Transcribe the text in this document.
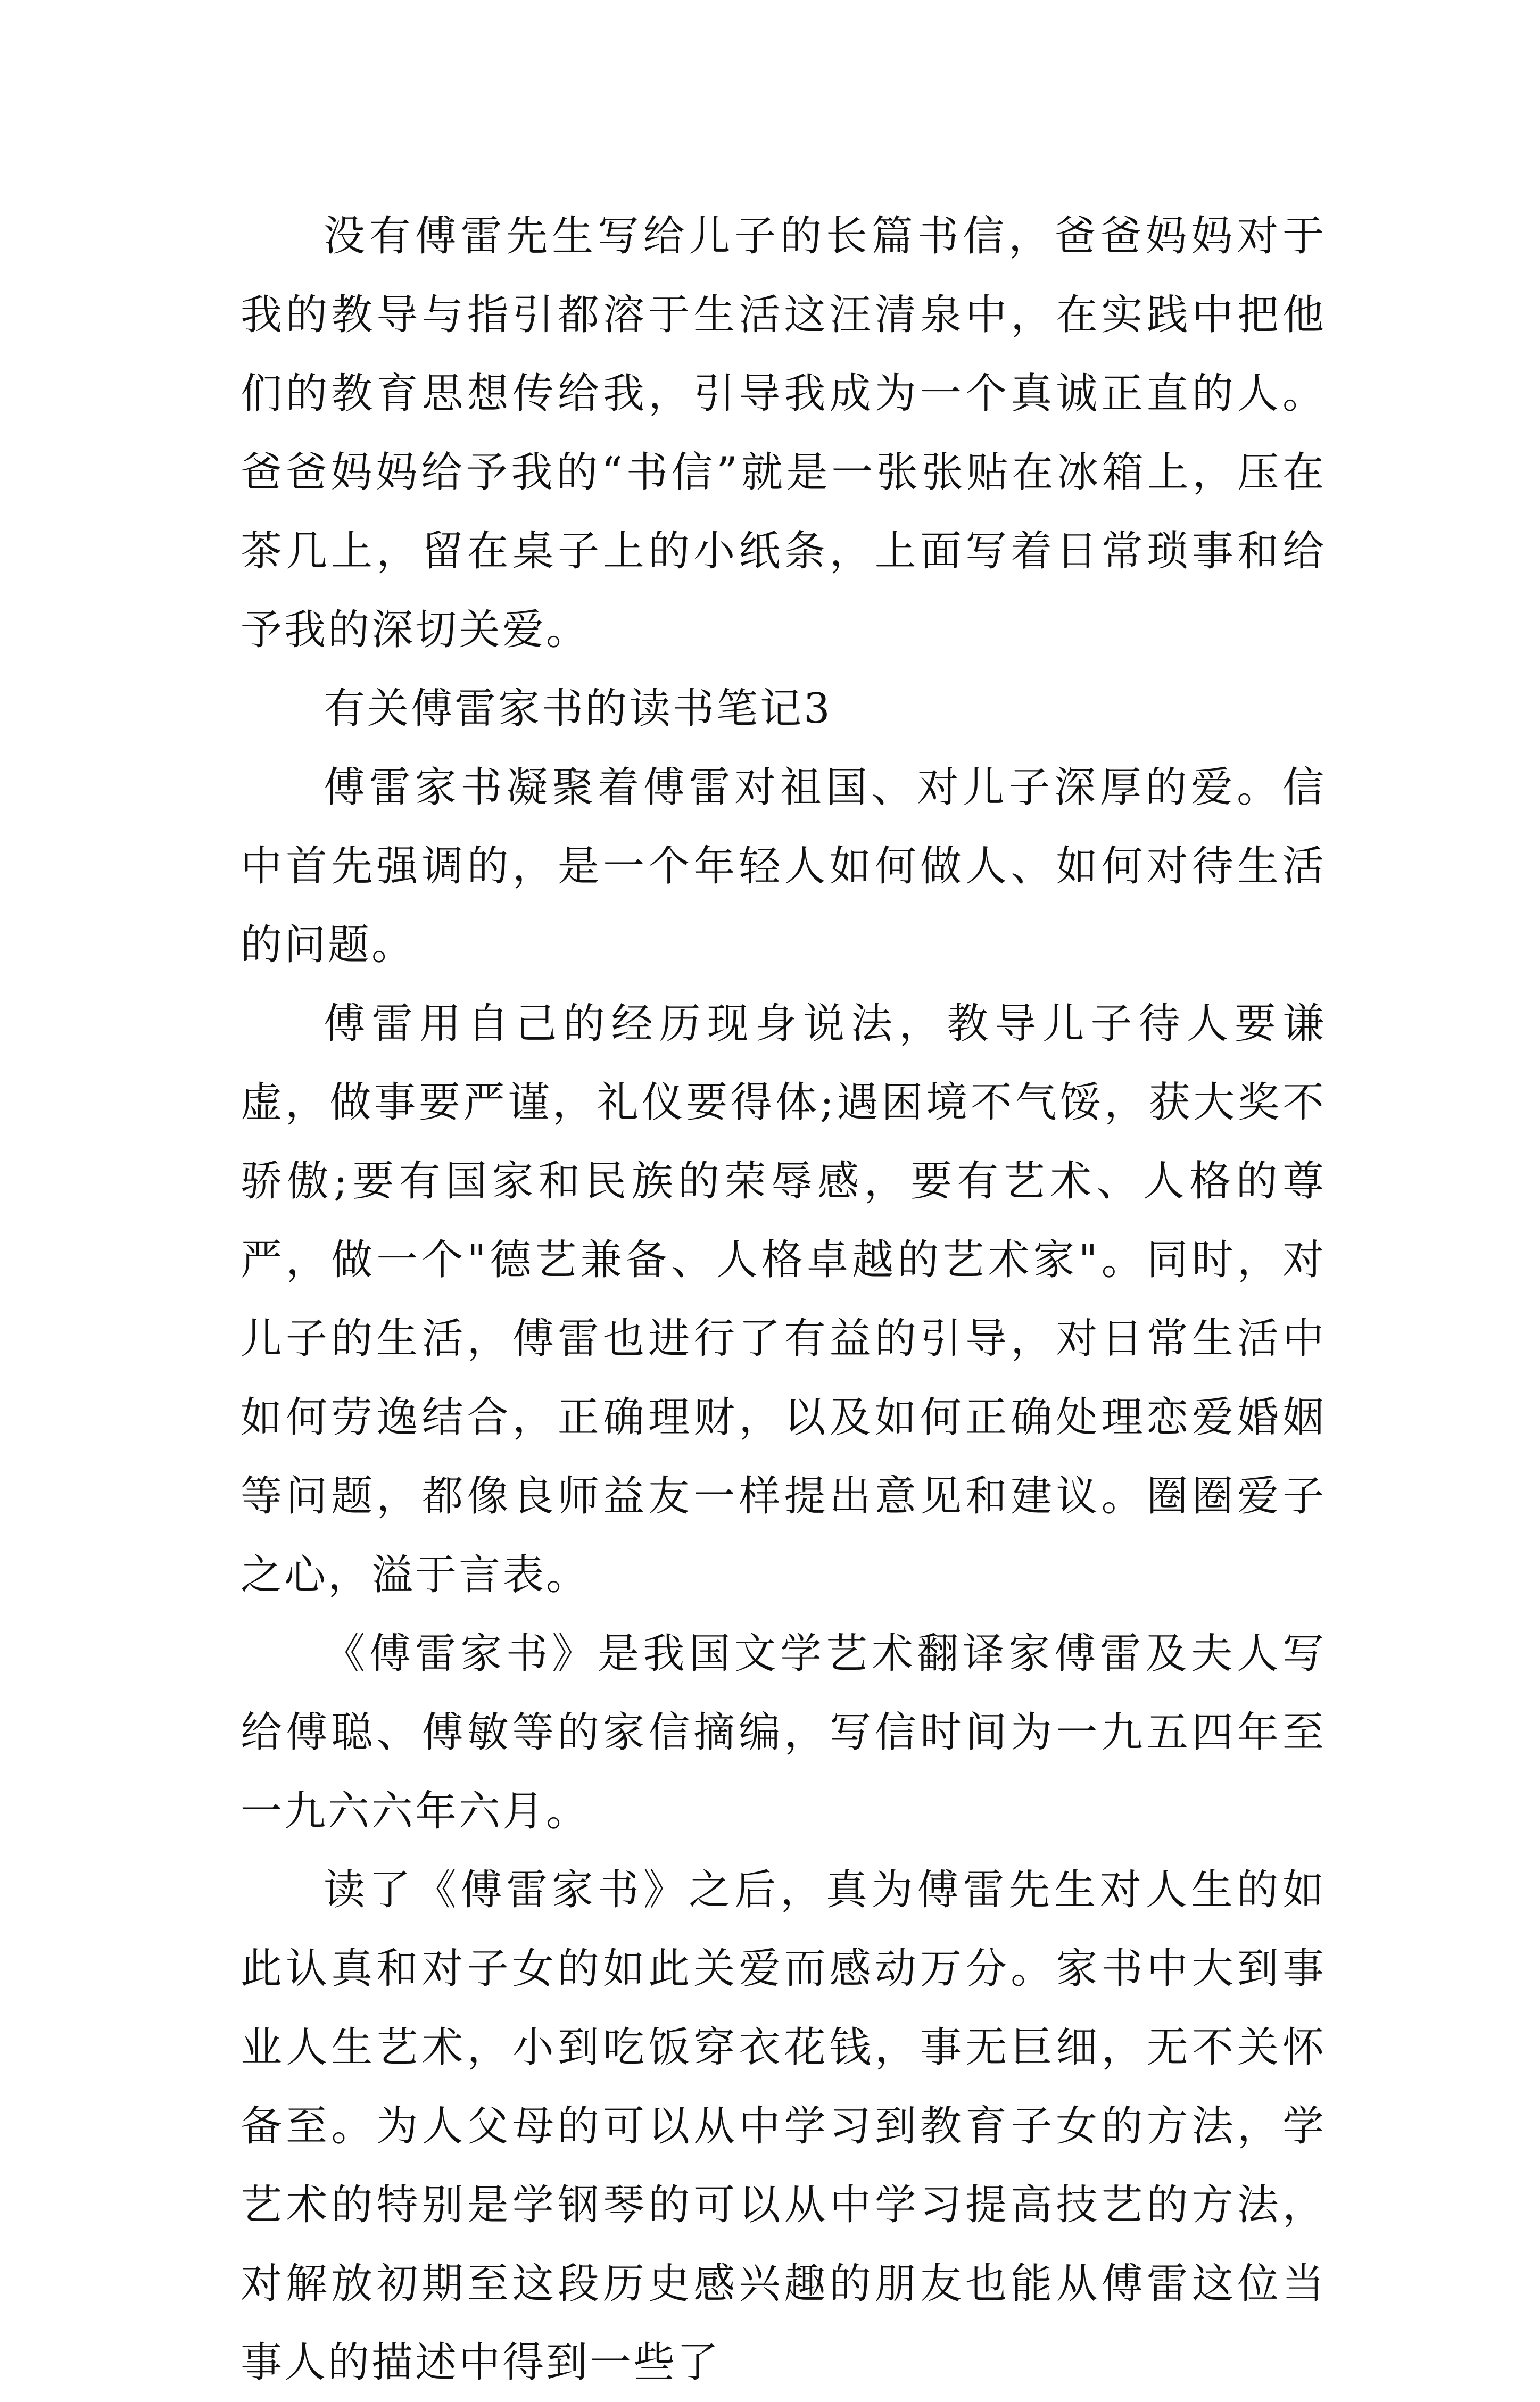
没有傅雷先生写给儿子的长篇书信，爸爸妈妈对于我的教导与指引都溶于生活这汪清泉中，在实践中把他们的教育思想传给我，引导我成为一个真诚正直的人。爸爸妈妈给予我的“书信”就是一张张贴在冰箱上，压在茶几上，留在桌子上的小纸条，上面写着日常琐事和给予我的深切关爱。

有关傅雷家书的读书笔记3

傅雷家书凝聚着傅雷对祖国、对儿子深厚的爱。信中首先强调的，是一个年轻人如何做人、如何对待生活的问题。

傅雷用自己的经历现身说法，教导儿子待人要谦虚，做事要严谨，礼仪要得体;遇困境不气馁，获大奖不骄傲;要有国家和民族的荣辱感，要有艺术、人格的尊严，做一个"德艺兼备、人格卓越的艺术家"。同时，对儿子的生活，傅雷也进行了有益的引导，对日常生活中如何劳逸结合，正确理财，以及如何正确处理恋爱婚姻等问题，都像良师益友一样提出意见和建议。圈圈爱子之心，溢于言表。

《傅雷家书》是我国文学艺术翻译家傅雷及夫人写给傅聪、傅敏等的家信摘编，写信时间为一九五四年至一九六六年六月。

读了《傅雷家书》之后，真为傅雷先生对人生的如此认真和对子女的如此关爱而感动万分。家书中大到事业人生艺术，小到吃饭穿衣花钱，事无巨细，无不关怀备至。为人父母的可以从中学习到教育子女的方法，学艺术的特别是学钢琴的可以从中学习提高技艺的方法，对解放初期至这段历史感兴趣的朋友也能从傅雷这位当事人的描述中得到一些了
